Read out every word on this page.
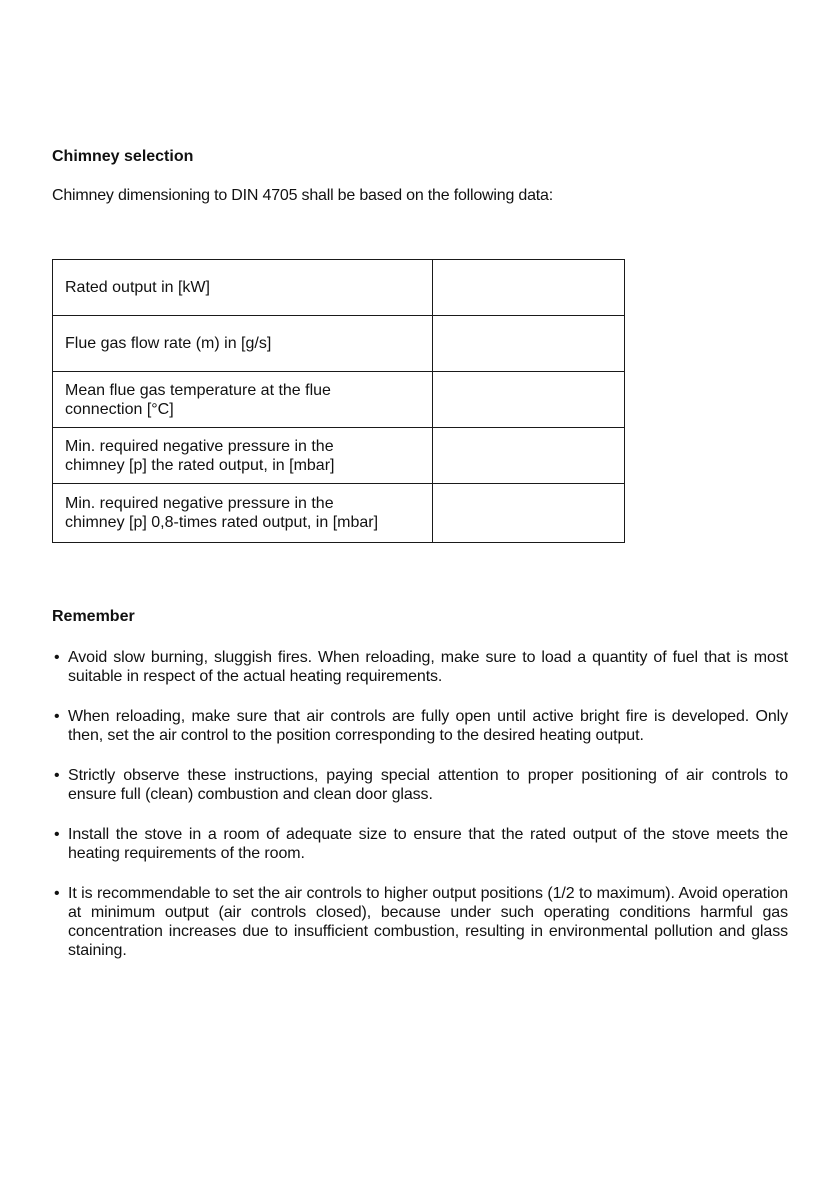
Chimney selection
Chimney dimensioning to DIN 4705 shall be based on the following data:
Rated output in [kW]	
Flue gas flow rate (m) in [g/s]	
Mean flue gas temperature at the flue
connection [°C]	
Min. required negative pressure in the
chimney [p] the rated output, in [mbar]	
Min. required negative pressure in the
chimney [p] 0,8-times rated output, in [mbar]	
Remember
• Avoid slow burning, sluggish fires. When reloading, make sure to load a quantity of fuel that is most suitable in respect of the actual heating requirements.
• When reloading, make sure that air controls are fully open until active bright fire is developed. Only then, set the air control to the position corresponding to the desired heating output.
• Strictly observe these instructions, paying special attention to proper positioning of air controls to ensure full (clean) combustion and clean door glass.
• Install the stove in a room of adequate size to ensure that the rated output of the stove meets the heating requirements of the room.
• It is recommendable to set the air controls to higher output positions (1/2 to maximum). Avoid operation at minimum output (air controls closed), because under such operating conditions harmful gas concentration increases due to insufficient combustion, resulting in environmental pollution and glass staining.
